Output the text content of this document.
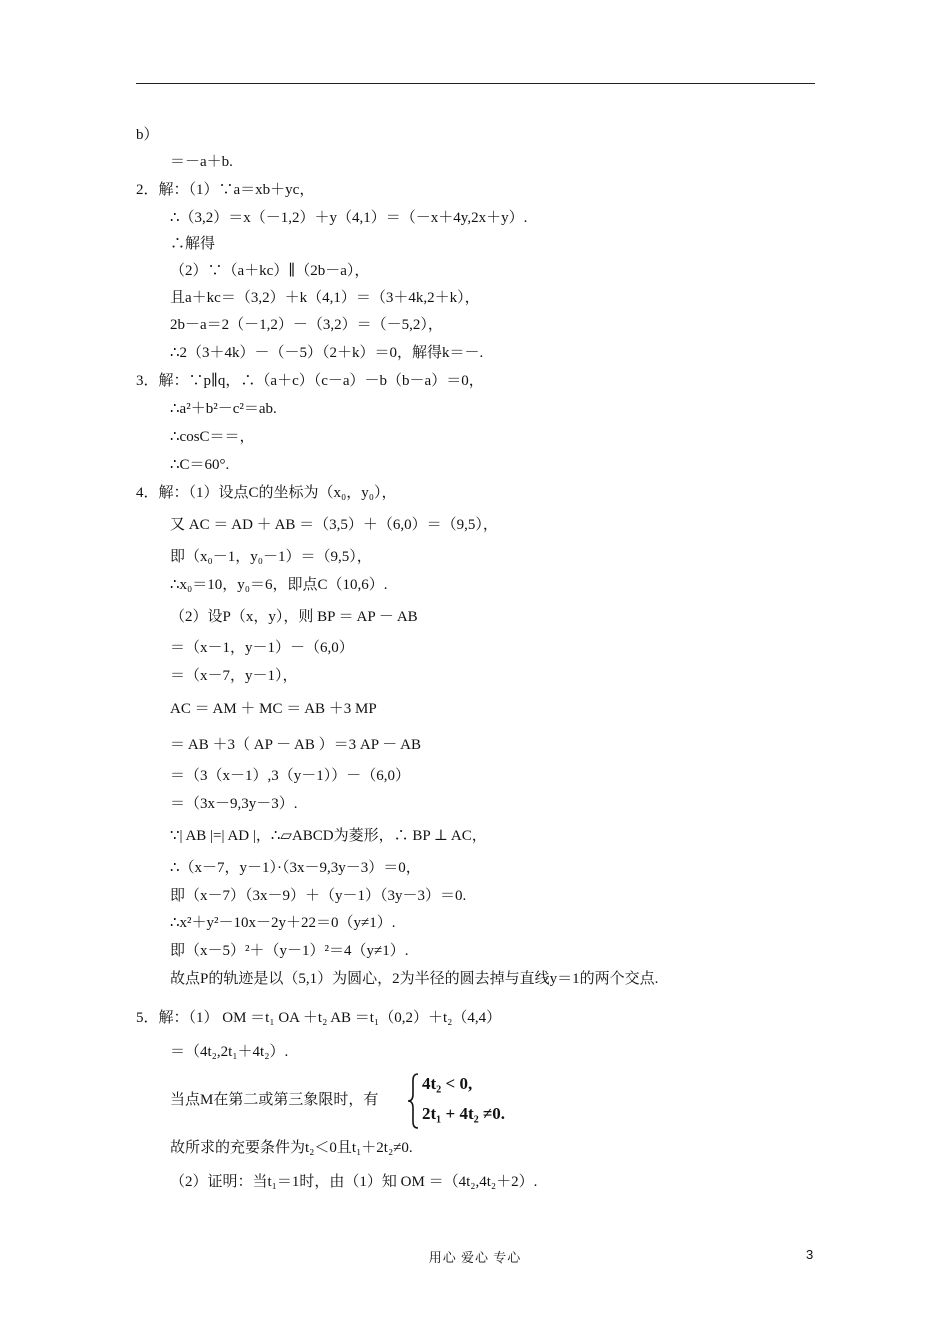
b）
＝－a＋b.
2．解：（1）∵a＝xb＋yc，
∴（3,2）＝x（－1,2）＋y（4,1）＝（－x＋4y,2x＋y）.
∴解得
（2）∵（a＋kc）∥（2b－a），
且a＋kc＝（3,2）＋k（4,1）＝（3＋4k,2＋k），
2b－a＝2（－1,2）－（3,2）＝（－5,2），
∴2（3＋4k）－（－5）（2＋k）＝0，解得k＝－.
3．解：∵p∥q，∴（a＋c）（c－a）－b（b－a）＝0，
∴a²＋b²－c²＝ab.
∴cosC＝＝，
∴C＝60°.
4．解：（1）设点C的坐标为（x₀，y₀），
又 AC ＝ AD ＋ AB ＝（3,5）＋（6,0）＝（9,5），
即（x₀－1，y₀－1）＝（9,5），
∴x₀＝10，y₀＝6，即点C（10,6）.
（2）设P（x，y），则 BP ＝ AP － AB
＝（x－1，y－1）－（6,0）
＝（x－7，y－1），
AC ＝ AM ＋ MC ＝ AB ＋3 MP
＝ AB ＋3（ AP － AB ）＝3 AP － AB
＝（3（x－1）,3（y－1））－（6,0）
＝（3x－9,3y－3）.
∵| AB |=| AD |，∴▱ABCD为菱形，∴ BP ⊥ AC，
∴（x－7，y－1）·（3x－9,3y－3）＝0，
即（x－7）（3x－9）＋（y－1）（3y－3）＝0.
∴x²＋y²－10x－2y＋22＝0（y≠1）.
即（x－5）²＋（y－1）²＝4（y≠1）.
故点P的轨迹是以（5,1）为圆心，2为半径的圆去掉与直线y＝1的两个交点.
5．解：（1） OM ＝t₁ OA ＋t₂ AB ＝t₁（0,2）＋t₂（4,4）
＝（4t₂,2t₁＋4t₂）.
当点M在第二或第三象限时，有
故所求的充要条件为t₂＜0且t₁＋2t₂≠0.
（2）证明：当t₁＝1时，由（1）知 OM ＝（4t₂,4t₂＋2）.
4t₂ < 0,
2t₁ + 4t₂ ≠0.
用心 爱心 专心	3
